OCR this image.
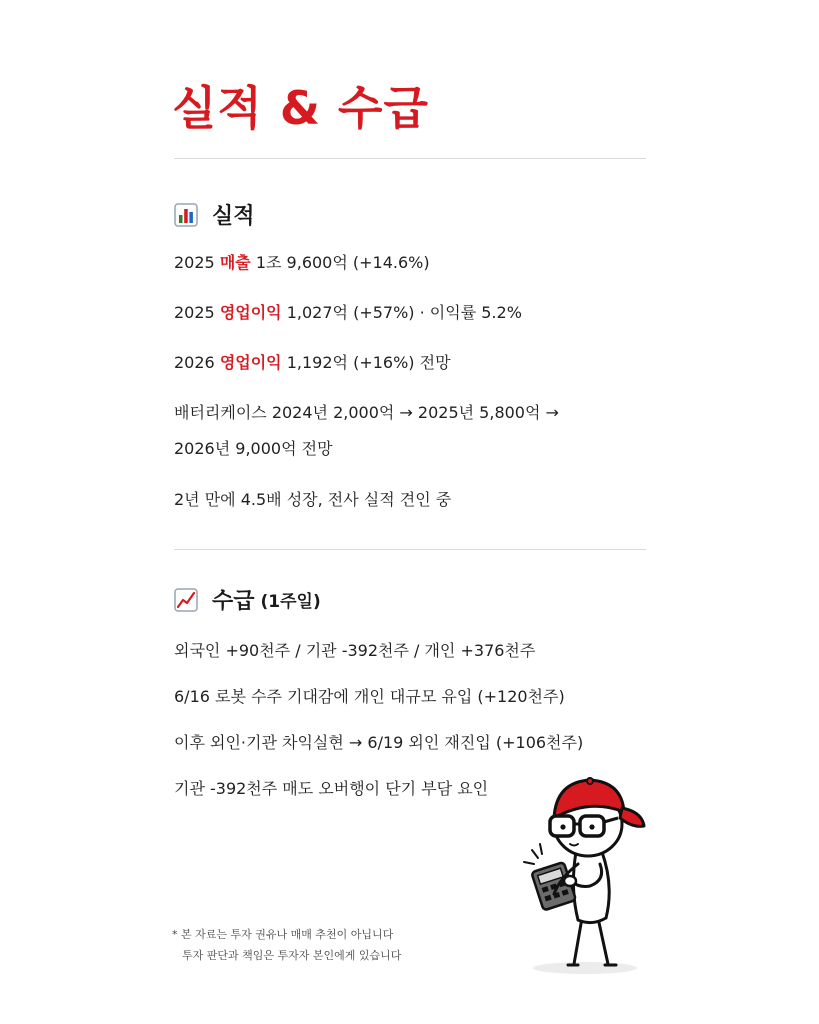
실적 & 수급
실적

2025 매출 1조 9,600억 (+14.6%)

2025 영업이익 1,027억 (+57%) · 이익률 5.2%

2026 영업이익 1,192억 (+16%) 전망

배터리케이스 2024년 2,000억 → 2025년 5,800억 →
2026년 9,000억 전망

2년 만에 4.5배 성장, 전사 실적 견인 중

수급 (1주일)

외국인 +90천주 / 기관 -392천주 / 개인 +376천주

6/16 로봇 수주 기대감에 개인 대규모 유입 (+120천주)

이후 외인·기관 차익실현 → 6/19 외인 재진입 (+106천주)

기관 -392천주 매도 오버행이 단기 부담 요인

* 본 자료는 투자 권유나 매매 추천이 아닙니다
투자 판단과 책임은 투자자 본인에게 있습니다
